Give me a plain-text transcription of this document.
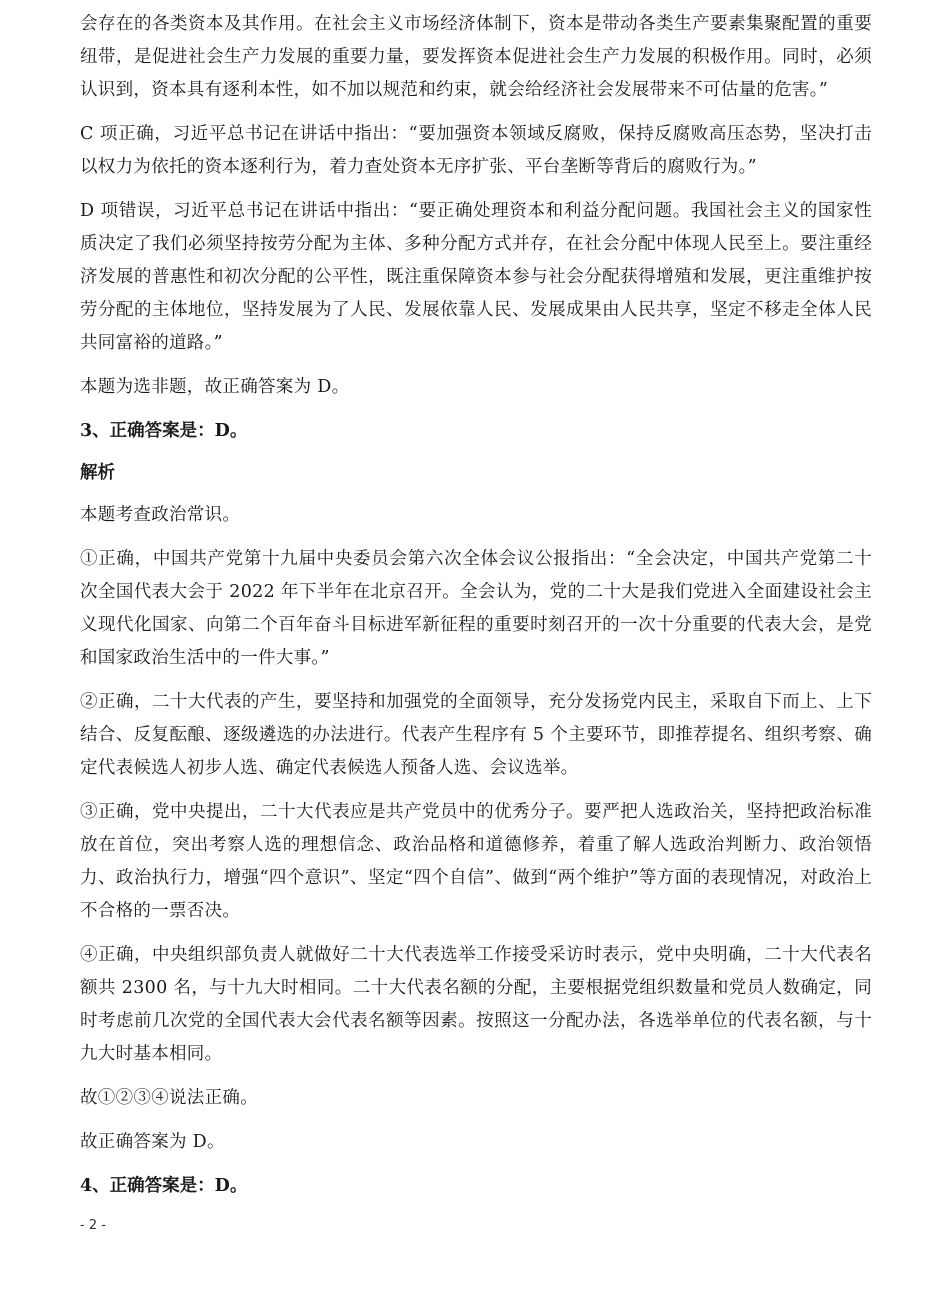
会存在的各类资本及其作用。在社会主义市场经济体制下，资本是带动各类生产要素集聚配置的重要纽带，是促进社会生产力发展的重要力量，要发挥资本促进社会生产力发展的积极作用。同时，必须认识到，资本具有逐利本性，如不加以规范和约束，就会给经济社会发展带来不可估量的危害。”

C 项正确，习近平总书记在讲话中指出：“要加强资本领域反腐败，保持反腐败高压态势，坚决打击以权力为依托的资本逐利行为，着力查处资本无序扩张、平台垄断等背后的腐败行为。”

D 项错误，习近平总书记在讲话中指出：“要正确处理资本和利益分配问题。我国社会主义的国家性质决定了我们必须坚持按劳分配为主体、多种分配方式并存，在社会分配中体现人民至上。要注重经济发展的普惠性和初次分配的公平性，既注重保障资本参与社会分配获得增殖和发展，更注重维护按劳分配的主体地位，坚持发展为了人民、发展依靠人民、发展成果由人民共享，坚定不移走全体人民共同富裕的道路。”

本题为选非题，故正确答案为 D。

3、正确答案是：D。

解析

本题考查政治常识。

①正确，中国共产党第十九届中央委员会第六次全体会议公报指出：“全会决定，中国共产党第二十次全国代表大会于 2022 年下半年在北京召开。全会认为，党的二十大是我们党进入全面建设社会主义现代化国家、向第二个百年奋斗目标进军新征程的重要时刻召开的一次十分重要的代表大会，是党和国家政治生活中的一件大事。”

②正确，二十大代表的产生，要坚持和加强党的全面领导，充分发扬党内民主，采取自下而上、上下结合、反复酝酿、逐级遴选的办法进行。代表产生程序有 5 个主要环节，即推荐提名、组织考察、确定代表候选人初步人选、确定代表候选人预备人选、会议选举。

③正确，党中央提出，二十大代表应是共产党员中的优秀分子。要严把人选政治关，坚持把政治标准放在首位，突出考察人选的理想信念、政治品格和道德修养，着重了解人选政治判断力、政治领悟力、政治执行力，增强“四个意识”、坚定“四个自信”、做到“两个维护”等方面的表现情况，对政治上不合格的一票否决。

④正确，中央组织部负责人就做好二十大代表选举工作接受采访时表示，党中央明确，二十大代表名额共 2300 名，与十九大时相同。二十大代表名额的分配，主要根据党组织数量和党员人数确定，同时考虑前几次党的全国代表大会代表名额等因素。按照这一分配办法，各选举单位的代表名额，与十九大时基本相同。

故①②③④说法正确。

故正确答案为 D。

4、正确答案是：D。

- 2 -
